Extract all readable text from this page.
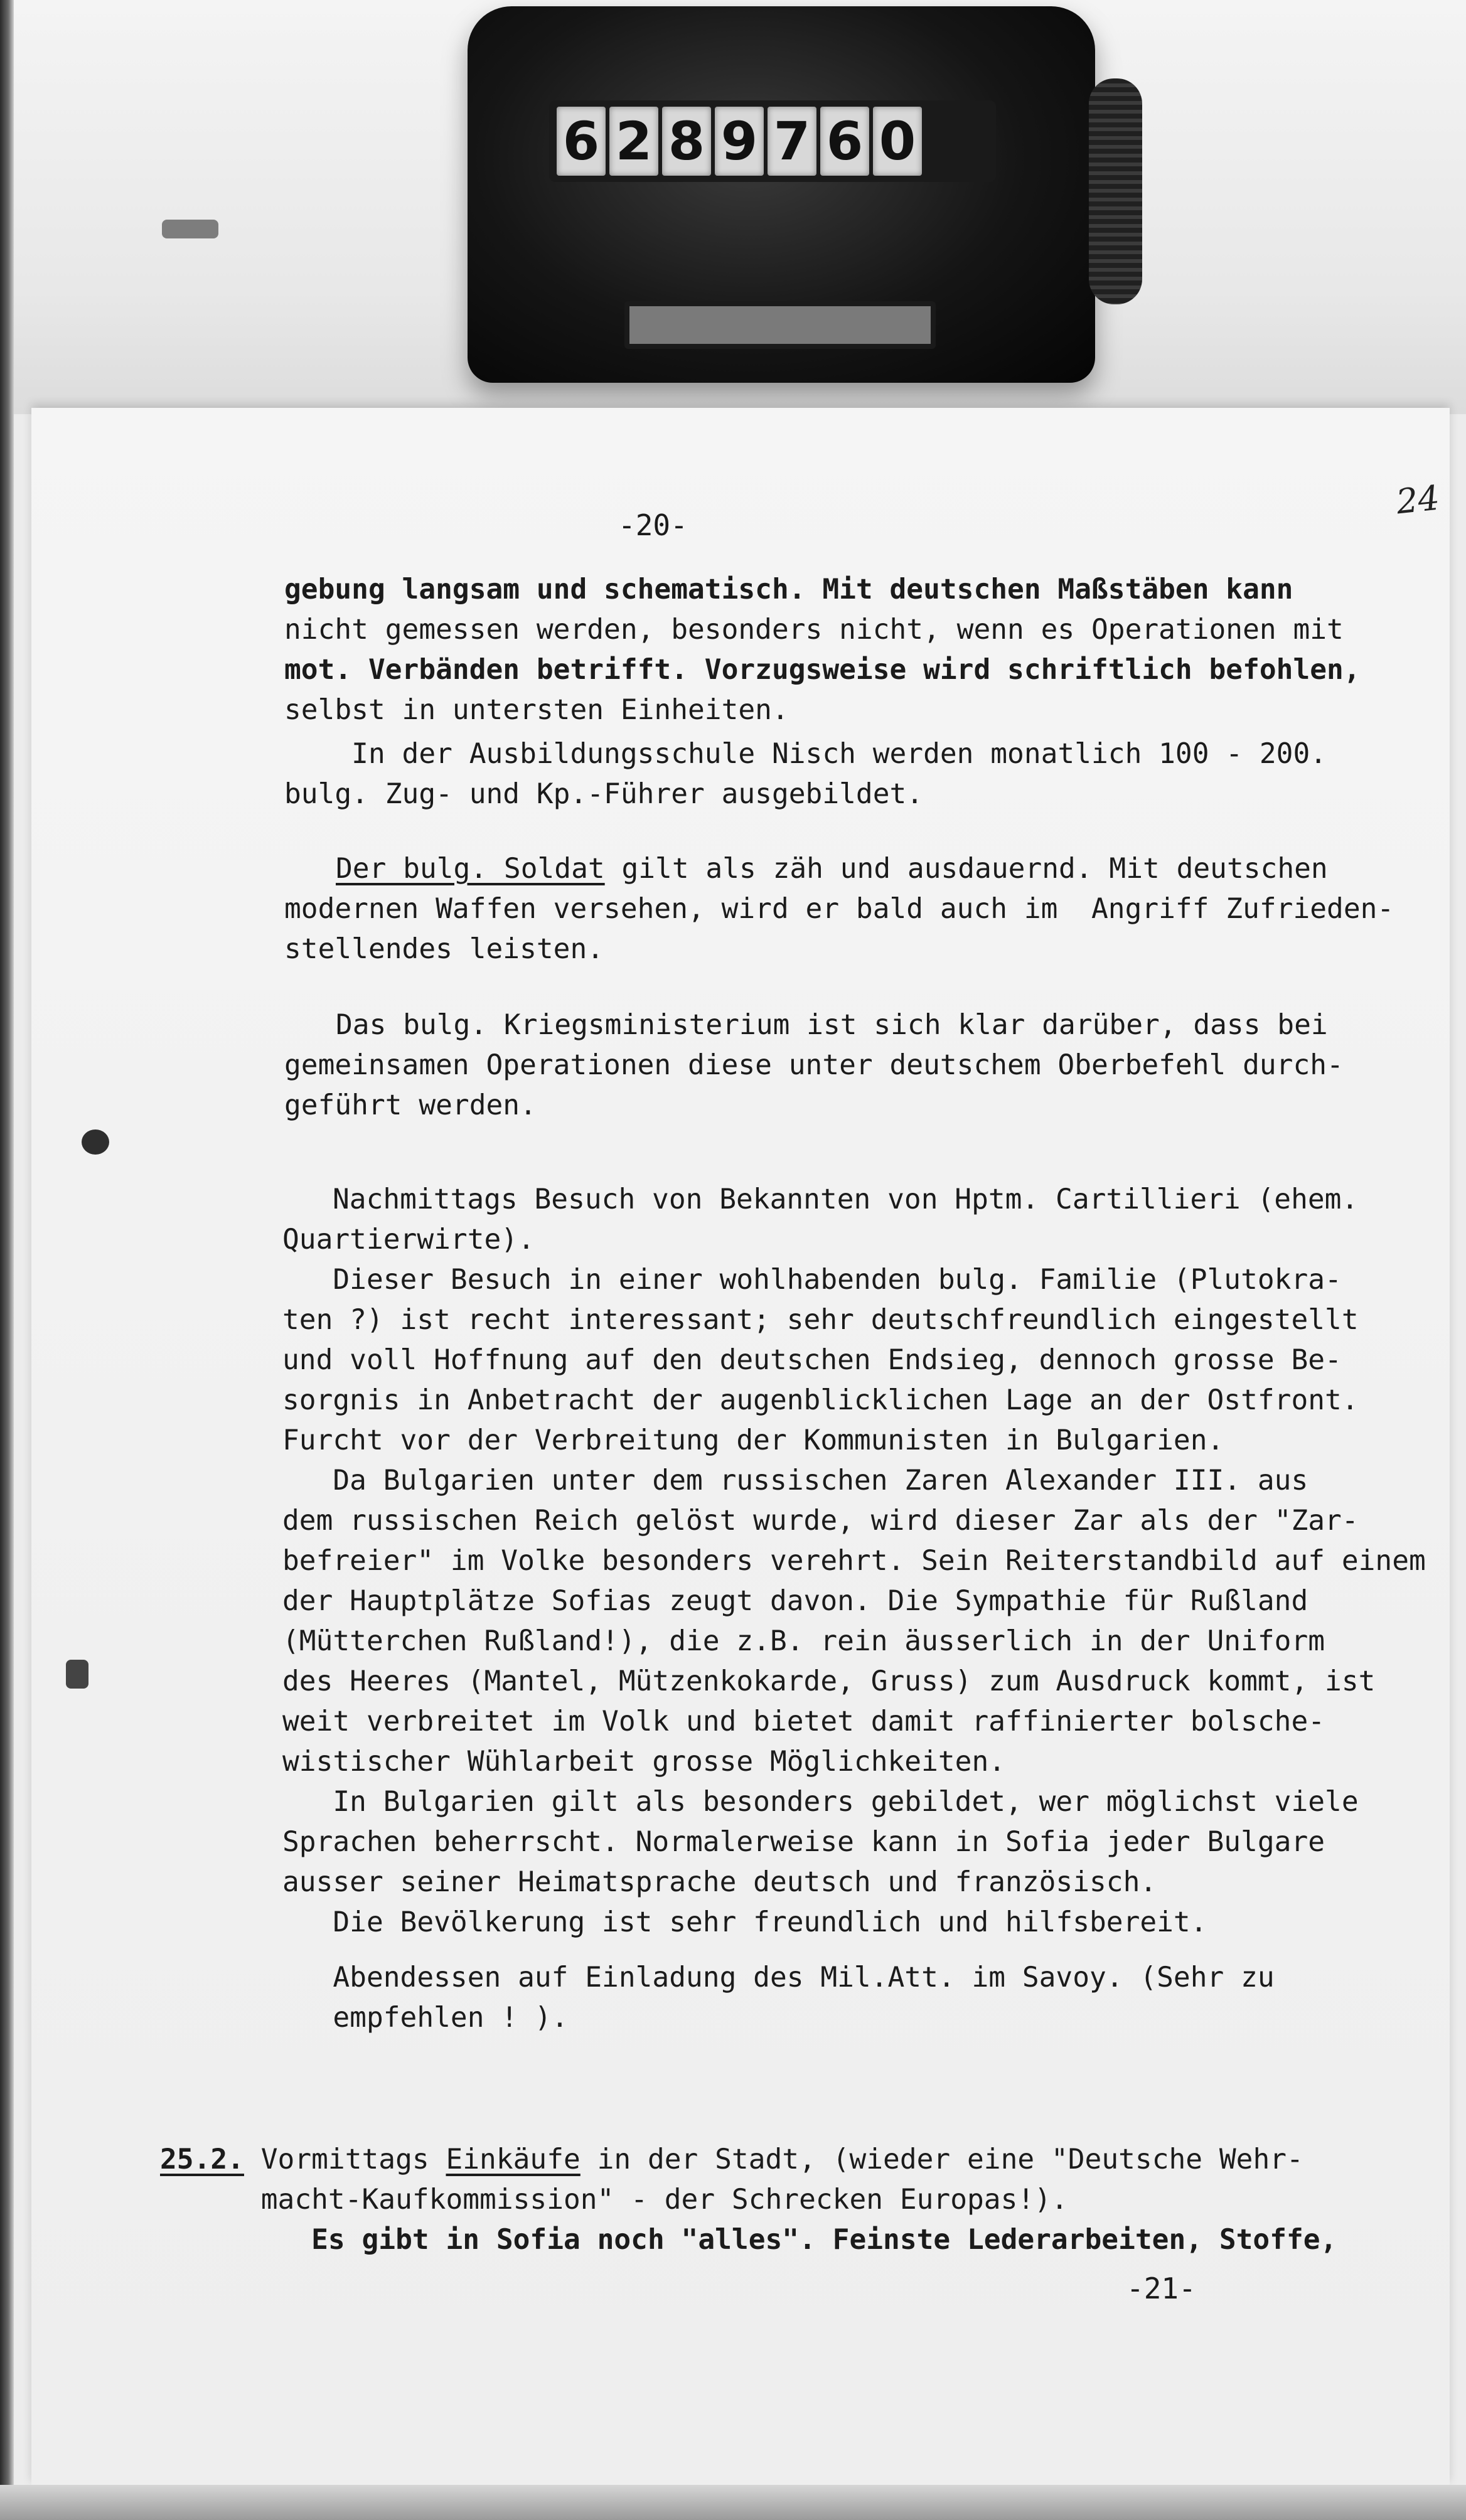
6 2 8 9 7 6 0
-20-
24
gebung langsam und schematisch. Mit deutschen Maßstäben kann
nicht gemessen werden, besonders nicht, wenn es Operationen mit
mot. Verbänden betrifft. Vorzugsweise wird schriftlich befohlen,
selbst in untersten Einheiten.
In der Ausbildungsschule Nisch werden monatlich 100 - 200.
bulg. Zug- und Kp.-Führer ausgebildet.
Der bulg. Soldat gilt als zäh und ausdauernd. Mit deutschen
modernen Waffen versehen, wird er bald auch im  Angriff Zufrieden-
stellendes leisten.
Das bulg. Kriegsministerium ist sich klar darüber, dass bei
gemeinsamen Operationen diese unter deutschem Oberbefehl durch-
geführt werden.
Nachmittags Besuch von Bekannten von Hptm. Cartillieri (ehem.
Quartierwirte).
Dieser Besuch in einer wohlhabenden bulg. Familie (Plutokra-
ten ?) ist recht interessant; sehr deutschfreundlich eingestellt
und voll Hoffnung auf den deutschen Endsieg, dennoch grosse Be-
sorgnis in Anbetracht der augenblicklichen Lage an der Ostfront.
Furcht vor der Verbreitung der Kommunisten in Bulgarien.
Da Bulgarien unter dem russischen Zaren Alexander III. aus
dem russischen Reich gelöst wurde, wird dieser Zar als der "Zar-
befreier" im Volke besonders verehrt. Sein Reiterstandbild auf einem
der Hauptplätze Sofias zeugt davon. Die Sympathie für Rußland
(Mütterchen Rußland!), die z.B. rein äusserlich in der Uniform
des Heeres (Mantel, Mützenkokarde, Gruss) zum Ausdruck kommt, ist
weit verbreitet im Volk und bietet damit raffinierter bolsche-
wistischer Wühlarbeit grosse Möglichkeiten.
In Bulgarien gilt als besonders gebildet, wer möglichst viele
Sprachen beherrscht. Normalerweise kann in Sofia jeder Bulgare
ausser seiner Heimatsprache deutsch und französisch.
Die Bevölkerung ist sehr freundlich und hilfsbereit.
Abendessen auf Einladung des Mil.Att. im Savoy. (Sehr zu
empfehlen ! ).
25.2. Vormittags Einkäufe in der Stadt, (wieder eine "Deutsche Wehr-
macht-Kaufkommission" - der Schrecken Europas!).
Es gibt in Sofia noch "alles". Feinste Lederarbeiten, Stoffe,
-21-
